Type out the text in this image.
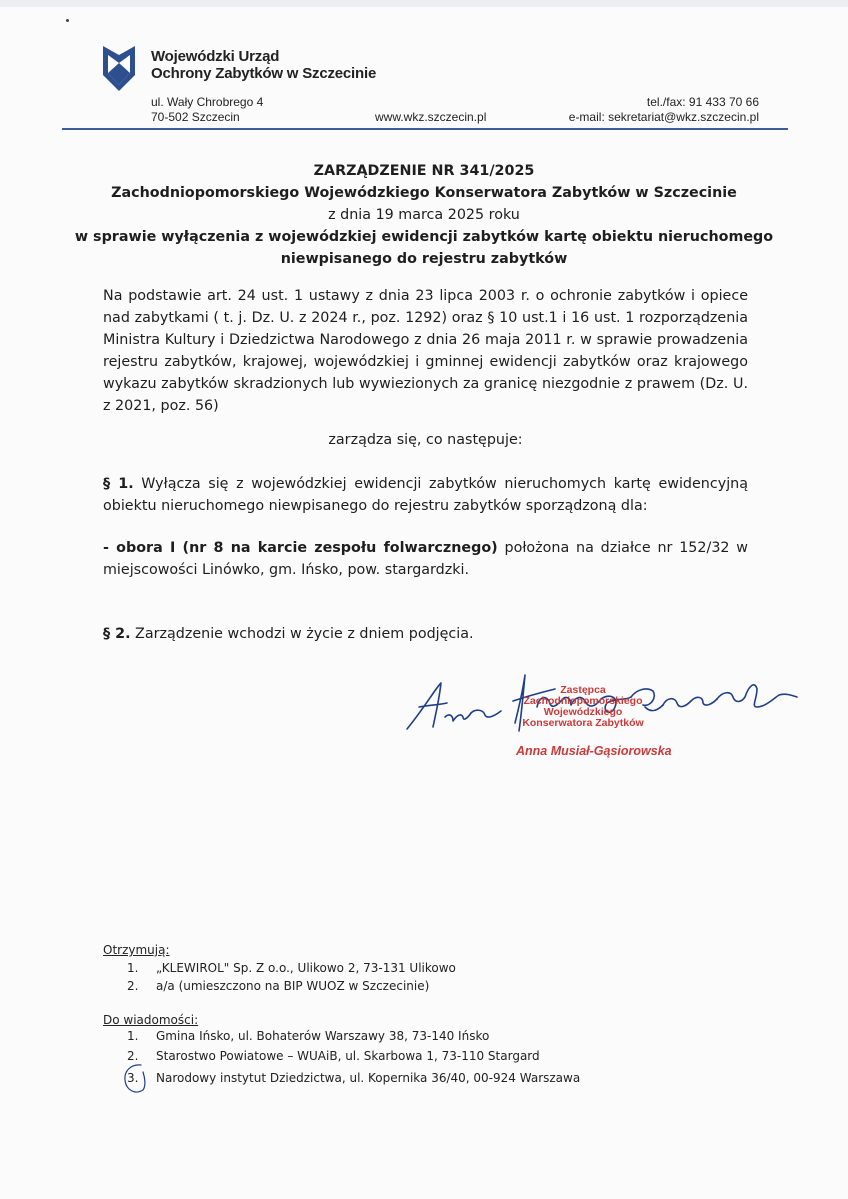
Wojewódzki Urząd
Ochrony Zabytków w Szczecinie
ul. Wały Chrobrego 4
70-502 Szczecin	www.wkz.szczecin.pl
tel./fax: 91 433 70 66
e-mail: sekretariat@wkz.szczecin.pl
ZARZĄDZENIE NR 341/2025
Zachodniopomorskiego Wojewódzkiego Konserwatora Zabytków w Szczecinie
z dnia 19 marca 2025 roku
w sprawie wyłączenia z wojewódzkiej ewidencji zabytków kartę obiektu nieruchomego
niewpisanego do rejestru zabytków
Na podstawie art. 24 ust. 1 ustawy z dnia 23 lipca 2003 r. o ochronie zabytków i opiece nad zabytkami ( t. j. Dz. U. z 2024 r., poz. 1292) oraz § 10 ust.1 i 16 ust. 1 rozporządzenia Ministra Kultury i Dziedzictwa Narodowego z dnia 26 maja 2011 r. w sprawie prowadzenia rejestru zabytków, krajowej, wojewódzkiej i gminnej ewidencji zabytków oraz krajowego wykazu zabytków skradzionych lub wywiezionych za granicę niezgodnie z prawem (Dz. U. z 2021, poz. 56)
zarządza się, co następuje:
§ 1. Wyłącza się z wojewódzkiej ewidencji zabytków nieruchomych kartę ewidencyjną obiektu nieruchomego niewpisanego do rejestru zabytków sporządzoną dla:
- obora I (nr 8 na karcie zespołu folwarcznego) położona na działce nr 152/32 w miejscowości Linówko, gm. Ińsko, pow. stargardzki.
§ 2. Zarządzenie wchodzi w życie z dniem podjęcia.
Zastępca
Zachodniopomorskiego Wojewódzkiego
Konserwatora Zabytków
Anna Musiał-Gąsiorowska
Otrzymują:
1. „KLEWIROL" Sp. Z o.o., Ulikowo 2, 73-131 Ulikowo
2. a/a (umieszczono na BIP WUOZ w Szczecinie)
Do wiadomości:
1. Gmina Ińsko, ul. Bohaterów Warszawy 38, 73-140 Ińsko
2. Starostwo Powiatowe – WUAiB, ul. Skarbowa 1, 73-110 Stargard
3. Narodowy instytut Dziedzictwa, ul. Kopernika 36/40, 00-924 Warszawa
